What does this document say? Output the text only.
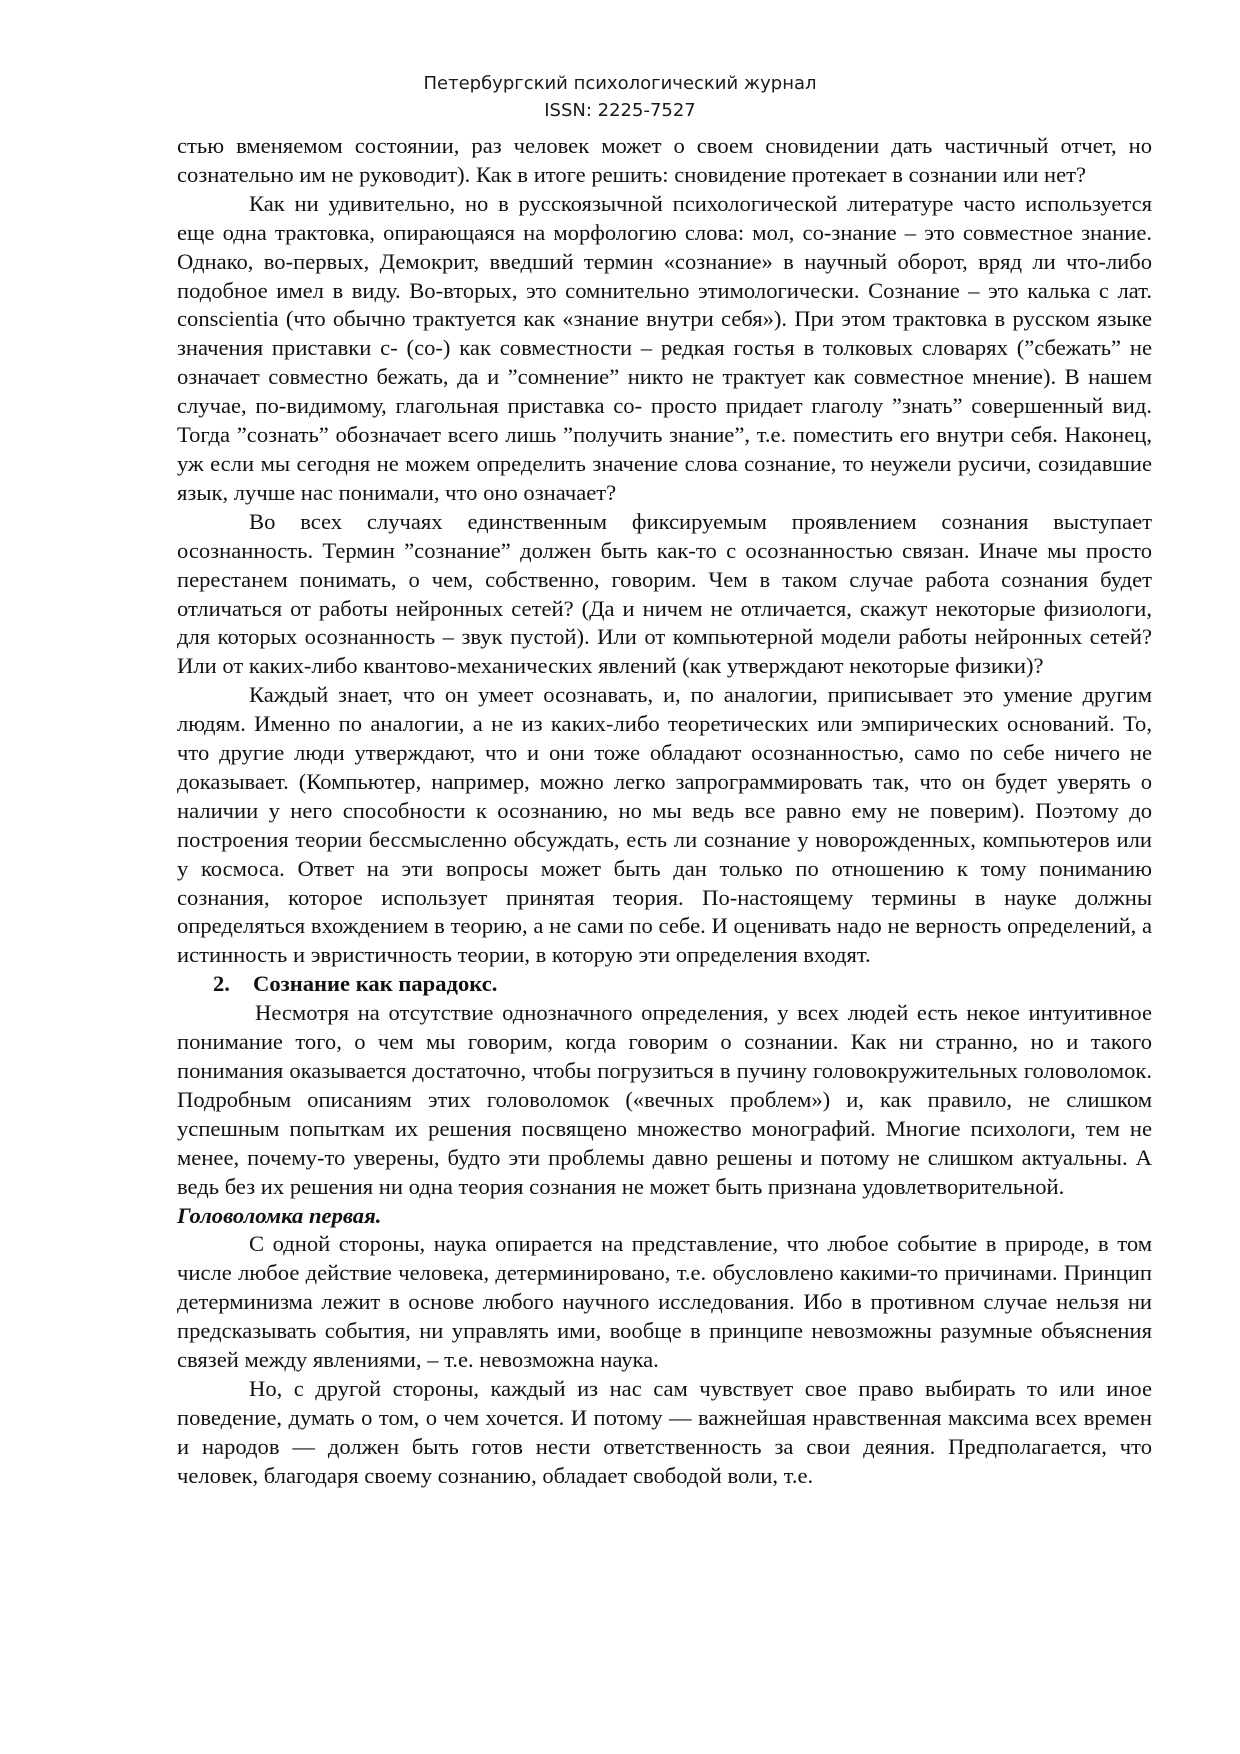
Петербургский психологический журнал
ISSN: 2225-7527

стью вменяемом состоянии, раз человек может о своем сновидении дать частичный отчет, но сознательно им не руководит). Как в итоге решить: сновидение протекает в сознании или нет?

Как ни удивительно, но в русскоязычной психологической литературе часто используется еще одна трактовка, опирающаяся на морфологию слова: мол, со-знание – это совместное знание. Однако, во-первых, Демокрит, введший термин «сознание» в научный оборот, вряд ли что-либо подобное имел в виду. Во-вторых, это сомнительно этимологически. Сознание – это калька с лат. conscientia (что обычно трактуется как «знание внутри себя»). При этом трактовка в русском языке значения приставки с- (со-) как совместности – редкая гостья в толковых словарях (”сбежать” не означает совместно бежать, да и ”сомнение” никто не трактует как совместное мнение). В нашем случае, по-видимому, глагольная приставка со- просто придает глаголу ”знать” совершенный вид. Тогда ”сознать” обозначает всего лишь ”получить знание”, т.е. поместить его внутри себя. Наконец, уж если мы сегодня не можем определить значение слова сознание, то неужели русичи, созидавшие язык, лучше нас понимали, что оно означает?

Во всех случаях единственным фиксируемым проявлением сознания выступает осознанность. Термин ”сознание” должен быть как-то с осознанностью связан. Иначе мы просто перестанем понимать, о чем, собственно, говорим. Чем в таком случае работа сознания будет отличаться от работы нейронных сетей? (Да и ничем не отличается, скажут некоторые физиологи, для которых осознанность – звук пустой). Или от компьютерной модели работы нейронных сетей? Или от каких-либо квантово-механических явлений (как утверждают некоторые физики)?

Каждый знает, что он умеет осознавать, и, по аналогии, приписывает это умение другим людям. Именно по аналогии, а не из каких-либо теоретических или эмпирических оснований. То, что другие люди утверждают, что и они тоже обладают осознанностью, само по себе ничего не доказывает. (Компьютер, например, можно легко запрограммировать так, что он будет уверять о наличии у него способности к осознанию, но мы ведь все равно ему не поверим). Поэтому до построения теории бессмысленно обсуждать, есть ли сознание у новорожденных, компьютеров или у космоса. Ответ на эти вопросы может быть дан только по отношению к тому пониманию сознания, которое использует принятая теория. По-настоящему термины в науке должны определяться вхождением в теорию, а не сами по себе. И оценивать надо не верность определений, а истинность и эвристичность теории, в которую эти определения входят.

2. Сознание как парадокс.

Несмотря на отсутствие однозначного определения, у всех людей есть некое интуитивное понимание того, о чем мы говорим, когда говорим о сознании. Как ни странно, но и такого понимания оказывается достаточно, чтобы погрузиться в пучину головокружительных головоломок. Подробным описаниям этих головоломок («вечных проблем») и, как правило, не слишком успешным попыткам их решения посвящено множество монографий. Многие психологи, тем не менее, почему-то уверены, будто эти проблемы давно решены и потому не слишком актуальны. А ведь без их решения ни одна теория сознания не может быть признана удовлетворительной.

Головоломка первая.

С одной стороны, наука опирается на представление, что любое событие в природе, в том числе любое действие человека, детерминировано, т.е. обусловлено какими-то причинами. Принцип детерминизма лежит в основе любого научного исследования. Ибо в противном случае нельзя ни предсказывать события, ни управлять ими, вообще в принципе невозможны разумные объяснения связей между явлениями, – т.е. невозможна наука.

Но, с другой стороны, каждый из нас сам чувствует свое право выбирать то или иное поведение, думать о том, о чем хочется. И потому — важнейшая нравственная максима всех времен и народов — должен быть готов нести ответственность за свои деяния. Предполагается, что человек, благодаря своему сознанию, обладает свободой воли, т.е.
